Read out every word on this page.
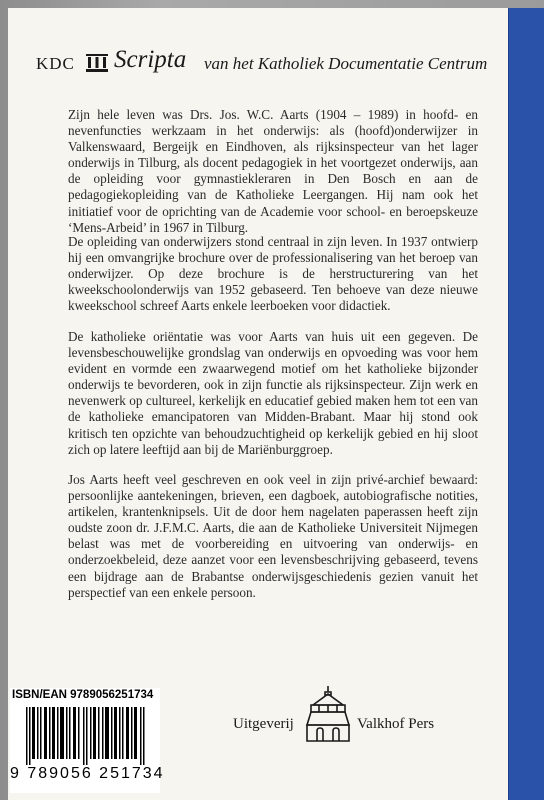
KDC Scripta van het Katholiek Documentatie Centrum

Zijn hele leven was Drs. Jos. W.C. Aarts (1904 – 1989) in hoofd- en nevenfuncties werkzaam in het onderwijs: als (hoofd)onderwijzer in Valkenswaard, Bergeijk en Eindhoven, als rijksinspecteur van het lager onderwijs in Tilburg, als docent pedagogiek in het voortgezet onderwijs, aan de opleiding voor gymnastiekleraren in Den Bosch en aan de pedagogiekopleiding van de Katholieke Leergangen. Hij nam ook het initiatief voor de oprichting van de Academie voor school- en beroepskeuze ‘Mens-Arbeid’ in 1967 in Tilburg.

De opleiding van onderwijzers stond centraal in zijn leven. In 1937 ontwierp hij een omvangrijke brochure over de professionalisering van het beroep van onderwijzer. Op deze brochure is de herstructurering van het kweekschoolonderwijs van 1952 gebaseerd. Ten behoeve van deze nieuwe kweekschool schreef Aarts enkele leerboeken voor didactiek.

De katholieke oriëntatie was voor Aarts van huis uit een gegeven. De levensbeschouwelijke grondslag van onderwijs en opvoeding was voor hem evident en vormde een zwaarwegend motief om het katholieke bijzonder onderwijs te bevorderen, ook in zijn functie als rijksinspecteur. Zijn werk en nevenwerk op cultureel, kerkelijk en educatief gebied maken hem tot een van de katholieke emancipatoren van Midden-Brabant. Maar hij stond ook kritisch ten opzichte van behoudzuchtigheid op kerkelijk gebied en hij sloot zich op latere leeftijd aan bij de Mariënburggroep.

Jos Aarts heeft veel geschreven en ook veel in zijn privé-archief bewaard: persoonlijke aantekeningen, brieven, een dagboek, autobiografische notities, artikelen, krantenknipsels. Uit de door hem nagelaten paperassen heeft zijn oudste zoon dr. J.F.M.C. Aarts, die aan de Katholieke Universiteit Nijmegen belast was met de voorbereiding en uitvoering van onderwijs- en onderzoekbeleid, deze aanzet voor een levensbeschrijving gebaseerd, tevens een bijdrage aan de Brabantse onderwijsgeschiedenis gezien vanuit het perspectief van een enkele persoon.

ISBN/EAN 9789056251734
9 789056 251734
Uitgeverij	Valkhof Pers
